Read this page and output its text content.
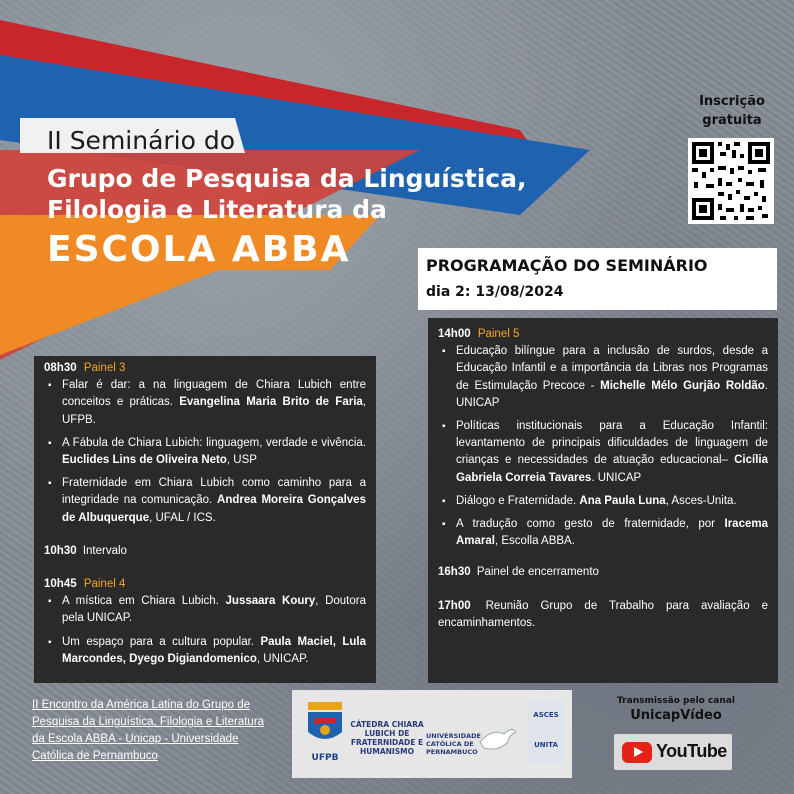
II Seminário do
Grupo de Pesquisa da Linguística,
Filologia e Literatura da
ESCOLA ABBA
Inscrição
gratuita
PROGRAMAÇÃO DO SEMINÁRIO
dia 2: 13/08/2024
08h30 Painel 3
▪ Falar é dar: a na linguagem de Chiara Lubich entre conceitos e práticas. Evangelina Maria Brito de Faria, UFPB.
▪ A Fábula de Chiara Lubich: linguagem, verdade e vivência. Euclides Lins de Oliveira Neto, USP
▪ Fraternidade em Chiara Lubich como caminho para a integridade na comunicação. Andrea Moreira Gonçalves de Albuquerque, UFAL / ICS.
10h30 Intervalo
10h45 Painel 4
▪ A mística em Chiara Lubich. Jussaara Koury, Doutora pela UNICAP.
▪ Um espaço para a cultura popular. Paula Maciel, Lula Marcondes, Dyego Digiandomenico, UNICAP.
14h00 Painel 5
▪ Educação bilíngue para a inclusão de surdos, desde a Educação Infantil e a importância da Libras nos Programas de Estimulação Precoce - Michelle Mélo Gurjão Roldão. UNICAP
▪ Políticas institucionais para a Educação Infantil: levantamento de principais dificuldades de linguagem de crianças e necessidades de atuação educacional– Cicília Gabriela Correia Tavares. UNICAP
▪ Diálogo e Fraternidade. Ana Paula Luna, Asces-Unita.
▪ A tradução como gesto de fraternidade, por Iracema Amaral, Escolla ABBA.
16h30 Painel de encerramento
17h00 Reunião Grupo de Trabalho para avaliação e encaminhamentos.
II Encontro da América Latina do Grupo de Pesquisa da Linguística, Filologia e Literatura da Escola ABBA - Unicap - Universidade Católica de Pernambuco	UFPB
CÁTEDRA CHIARA LUBICH DE FRATERNIDADE E HUMANISMO
UNIVERSIDADE CATÓLICA DE PERNAMBUCO
ASCES UNITA
Transmissão pelo canal
UnicapVídeo
YouTube
